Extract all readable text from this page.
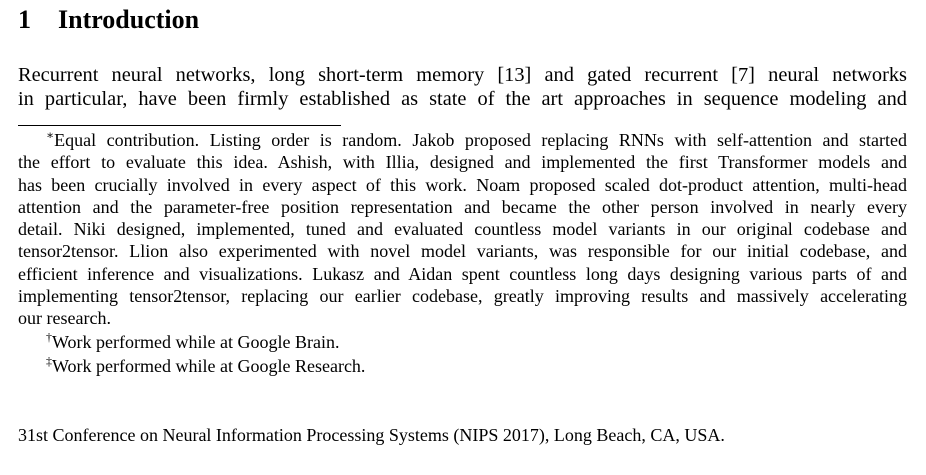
1 Introduction

Recurrent neural networks, long short-term memory [13] and gated recurrent [7] neural networks
in particular, have been firmly established as state of the art approaches in sequence modeling and

∗Equal contribution. Listing order is random. Jakob proposed replacing RNNs with self-attention and started
the effort to evaluate this idea. Ashish, with Illia, designed and implemented the first Transformer models and
has been crucially involved in every aspect of this work. Noam proposed scaled dot-product attention, multi-head
attention and the parameter-free position representation and became the other person involved in nearly every
detail. Niki designed, implemented, tuned and evaluated countless model variants in our original codebase and
tensor2tensor. Llion also experimented with novel model variants, was responsible for our initial codebase, and
efficient inference and visualizations. Lukasz and Aidan spent countless long days designing various parts of and
implementing tensor2tensor, replacing our earlier codebase, greatly improving results and massively accelerating
our research.

†Work performed while at Google Brain.

‡Work performed while at Google Research.

31st Conference on Neural Information Processing Systems (NIPS 2017), Long Beach, CA, USA.
